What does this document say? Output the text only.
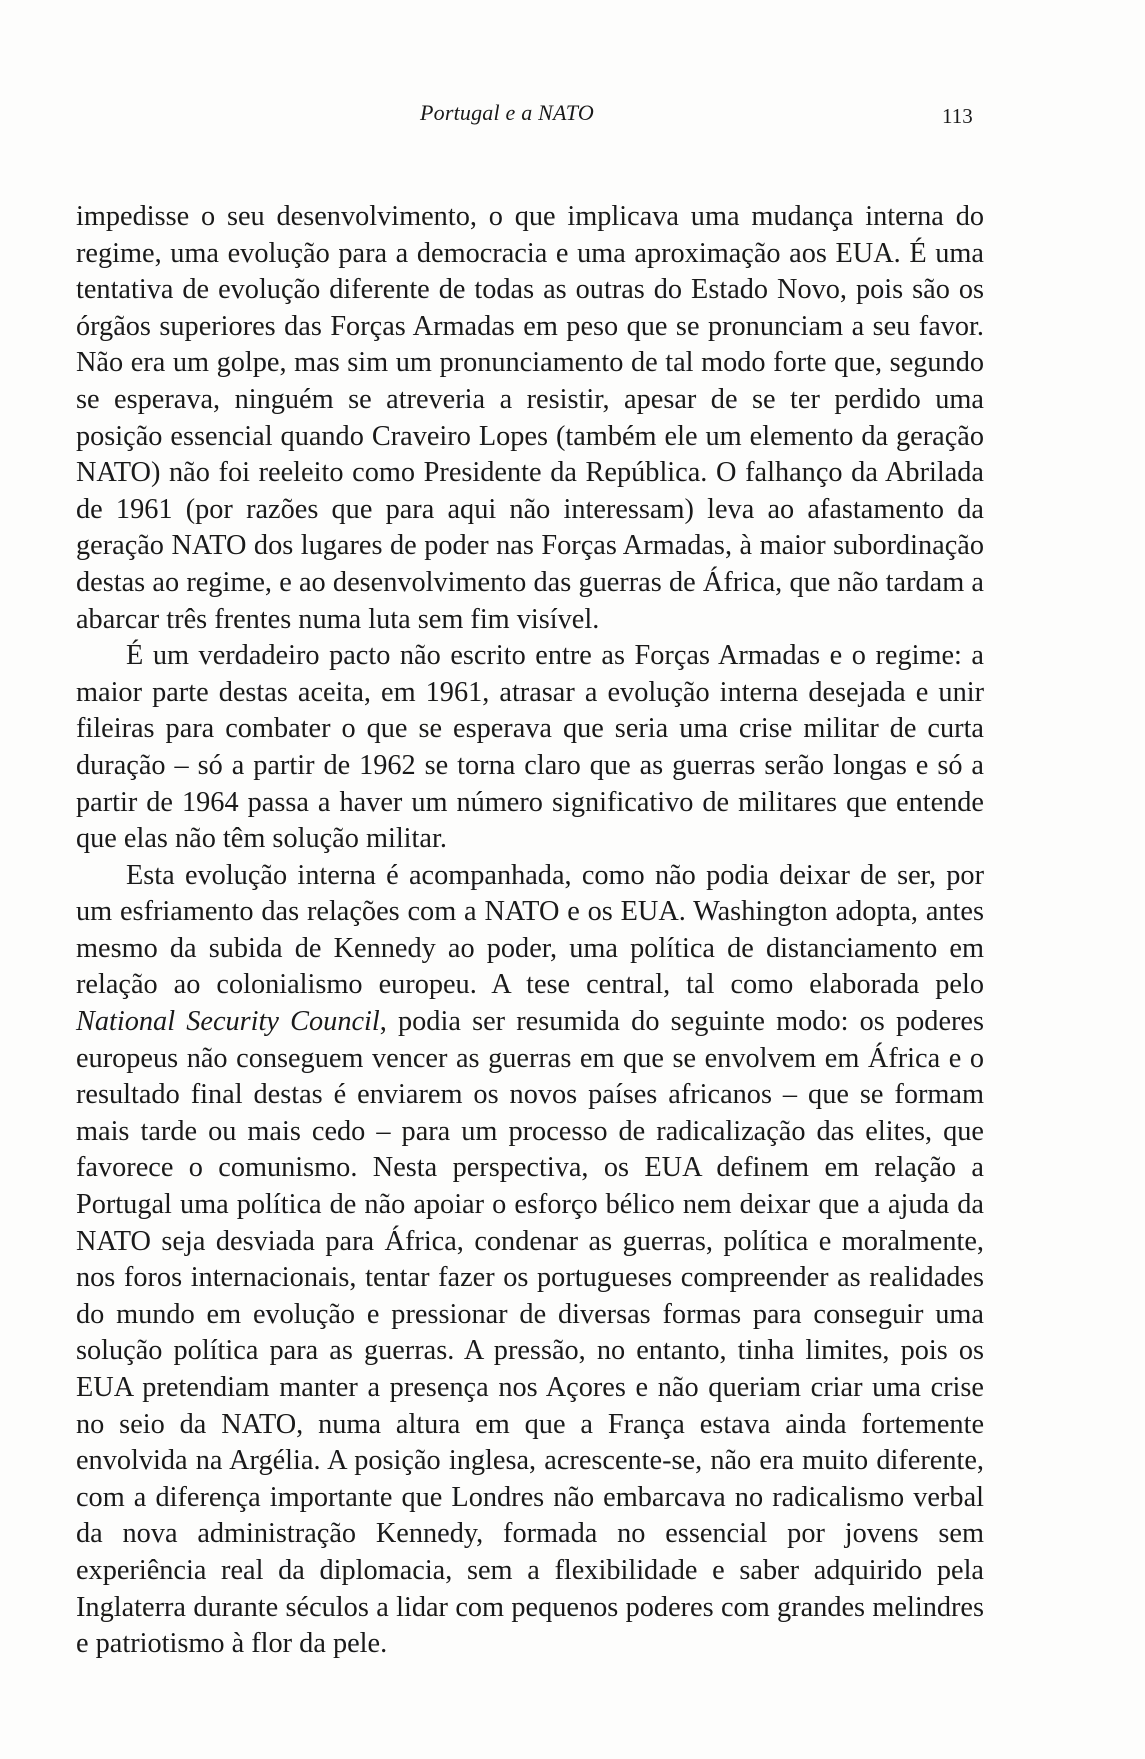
Portugal e a NATO	113

impedisse o seu desenvolvimento, o que implicava uma mudança interna do regime, uma evolução para a democracia e uma aproximação aos EUA. É uma tentativa de evolução diferente de todas as outras do Estado Novo, pois são os órgãos superiores das Forças Armadas em peso que se pronunciam a seu favor. Não era um golpe, mas sim um pronunciamento de tal modo forte que, segundo se esperava, ninguém se atreveria a resistir, apesar de se ter perdido uma posição essencial quando Craveiro Lopes (também ele um elemento da geração NATO) não foi reeleito como Presidente da República. O falhanço da Abrilada de 1961 (por razões que para aqui não interessam) leva ao afastamento da geração NATO dos lugares de poder nas Forças Armadas, à maior subordinação destas ao regime, e ao desenvolvimento das guerras de África, que não tardam a abarcar três frentes numa luta sem fim visível.

É um verdadeiro pacto não escrito entre as Forças Armadas e o regime: a maior parte destas aceita, em 1961, atrasar a evolução interna desejada e unir fileiras para combater o que se esperava que seria uma crise militar de curta duração – só a partir de 1962 se torna claro que as guerras serão longas e só a partir de 1964 passa a haver um número significativo de militares que entende que elas não têm solução militar.

Esta evolução interna é acompanhada, como não podia deixar de ser, por um esfriamento das relações com a NATO e os EUA. Washington adopta, antes mesmo da subida de Kennedy ao poder, uma política de distanciamento em relação ao colonialismo europeu. A tese central, tal como elaborada pelo National Security Council, podia ser resumida do seguinte modo: os poderes europeus não conseguem vencer as guerras em que se envolvem em África e o resultado final destas é enviarem os novos países africanos – que se formam mais tarde ou mais cedo – para um processo de radicalização das elites, que favorece o comunismo. Nesta perspectiva, os EUA definem em relação a Portugal uma política de não apoiar o esforço bélico nem deixar que a ajuda da NATO seja desviada para África, condenar as guerras, política e moralmente, nos foros internacionais, tentar fazer os portugueses compreender as realidades do mundo em evolução e pressionar de diversas formas para conseguir uma solução política para as guerras. A pressão, no entanto, tinha limites, pois os EUA pretendiam manter a presença nos Açores e não queriam criar uma crise no seio da NATO, numa altura em que a França estava ainda fortemente envolvida na Argélia. A posição inglesa, acrescente-se, não era muito diferente, com a diferença importante que Londres não embarcava no radicalismo verbal da nova administração Kennedy, formada no essencial por jovens sem experiência real da diplomacia, sem a flexibilidade e saber adquirido pela Inglaterra durante séculos a lidar com pequenos poderes com grandes melindres e patriotismo à flor da pele.
